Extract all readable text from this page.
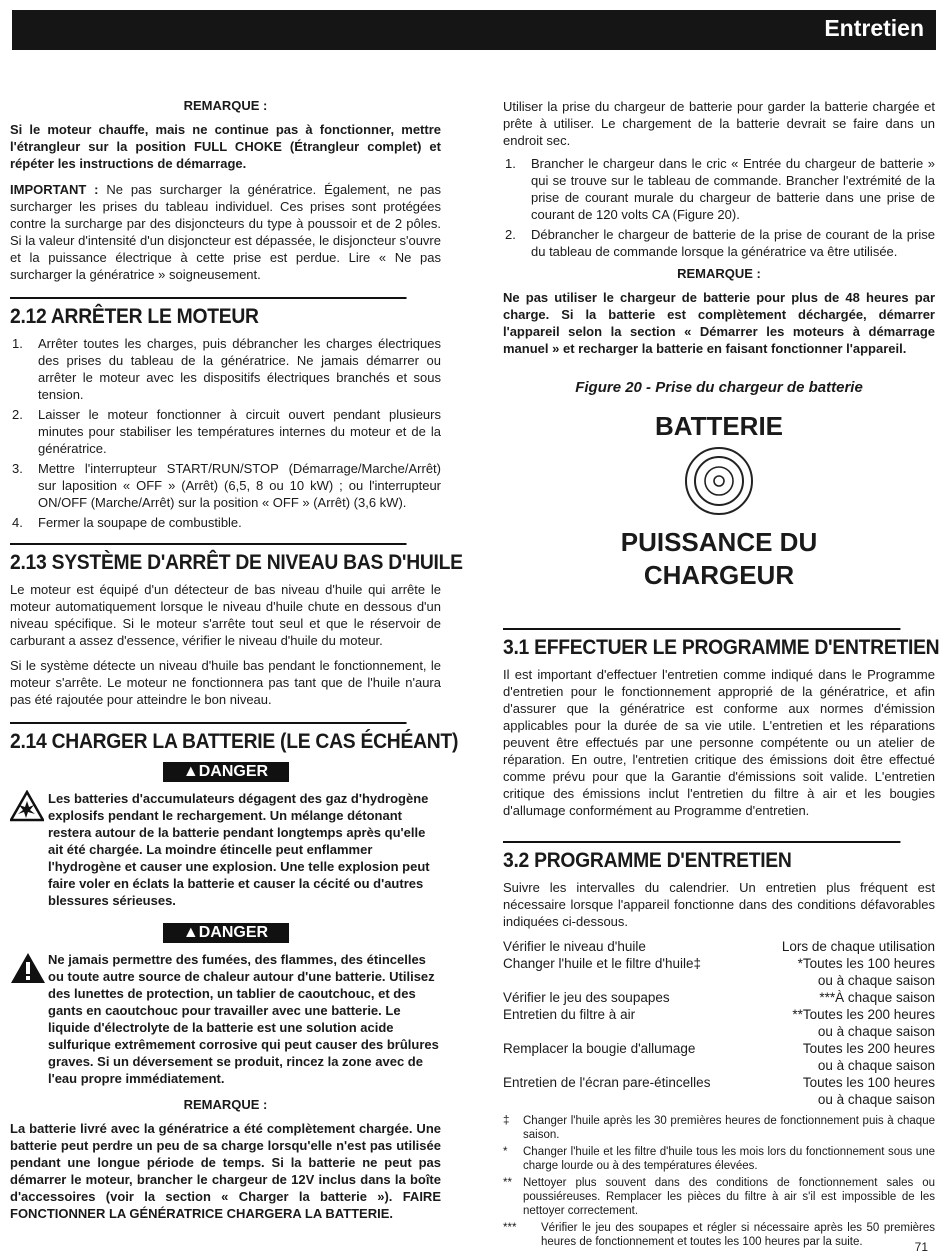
Entretien
REMARQUE :

Si le moteur chauffe, mais ne continue pas à fonctionner, mettre l'étrangleur sur la position FULL CHOKE (Étrangleur complet) et répéter les instructions de démarrage.

IMPORTANT : Ne pas surcharger la génératrice. Également, ne pas surcharger les prises du tableau individuel. Ces prises sont protégées contre la surcharge par des disjoncteurs du type à poussoir et de 2 pôles. Si la valeur d'intensité d'un disjoncteur est dépassée, le disjoncteur s'ouvre et la puissance électrique à cette prise est perdue. Lire « Ne pas surcharger la génératrice » soigneusement.

2.12 ARRÊTER LE MOTEUR
1.	Arrêter toutes les charges, puis débrancher les charges électriques des prises du tableau de la génératrice. Ne jamais démarrer ou arrêter le moteur avec les dispositifs électriques branchés et sous tension.
2.	Laisser le moteur fonctionner à circuit ouvert pendant plusieurs minutes pour stabiliser les températures internes du moteur et de la génératrice.
3.	Mettre l'interrupteur START/RUN/STOP (Démarrage/Marche/Arrêt) sur laposition « OFF » (Arrêt) (6,5, 8 ou 10 kW) ; ou l'interrupteur ON/OFF (Marche/Arrêt) sur la position « OFF » (Arrêt) (3,6 kW).
4.	Fermer la soupape de combustible.
2.13 SYSTÈME D'ARRÊT DE NIVEAU BAS D'HUILE

Le moteur est équipé d'un détecteur de bas niveau d'huile qui arrête le moteur automatiquement lorsque le niveau d'huile chute en dessous d'un niveau spécifique. Si le moteur s'arrête tout seul et que le réservoir de carburant a assez d'essence, vérifier le niveau d'huile du moteur.

Si le système détecte un niveau d'huile bas pendant le fonctionnement, le moteur s'arrête. Le moteur ne fonctionnera pas tant que de l'huile n'aura pas été rajoutée pour atteindre le bon niveau.

2.14 CHARGER LA BATTERIE (LE CAS ÉCHÉANT)
▲DANGER

Les batteries d'accumulateurs dégagent des gaz d'hydrogène explosifs pendant le rechargement. Un mélange détonant restera autour de la batterie pendant longtemps après qu'elle ait été chargée. La moindre étincelle peut enflammer l'hydrogène et causer une explosion. Une telle explosion peut faire voler en éclats la batterie et causer la cécité ou d'autres blessures sérieuses.

▲DANGER

Ne jamais permettre des fumées, des flammes, des étincelles ou toute autre source de chaleur autour d'une batterie. Utilisez des lunettes de protection, un tablier de caoutchouc, et des gants en caoutchouc pour travailler avec une batterie. Le liquide d'électrolyte de la batterie est une solution acide sulfurique extrêmement corrosive qui peut causer des brûlures graves. Si un déversement se produit, rincez la zone avec de l'eau propre immédiatement.

REMARQUE :

La batterie livré avec la génératrice a été complètement chargée. Une batterie peut perdre un peu de sa charge lorsqu'elle n'est pas utilisée pendant une longue période de temps. Si la batterie ne peut pas démarrer le moteur, brancher le chargeur de 12V inclus dans la boîte d'accessoires (voir la section « Charger la batterie »). FAIRE FONCTIONNER LA GÉNÉRATRICE CHARGERA LA BATTERIE.

Utiliser la prise du chargeur de batterie pour garder la batterie chargée et prête à utiliser. Le chargement de la batterie devrait se faire dans un endroit sec.

1.	Brancher le chargeur dans le cric « Entrée du chargeur de batterie » qui se trouve sur le tableau de commande. Brancher l'extrémité de la prise de courant murale du chargeur de batterie dans une prise de courant de 120 volts CA (Figure 20).
2.	Débrancher le chargeur de batterie de la prise de courant de la prise du tableau de commande lorsque la génératrice va être utilisée.
REMARQUE :

Ne pas utiliser le chargeur de batterie pour plus de 48 heures par charge. Si la batterie est complètement déchargée, démarrer l'appareil selon la section « Démarrer les moteurs à démarrage manuel » et recharger la batterie en faisant fonctionner l'appareil.

Figure 20 - Prise du chargeur de batterie
BATTERIE
PUISSANCE DU
CHARGEUR
3.1 EFFECTUER LE PROGRAMME D'ENTRETIEN

Il est important d'effectuer l'entretien comme indiqué dans le Programme d'entretien pour le fonctionnement approprié de la génératrice, et afin d'assurer que la génératrice est conforme aux normes d'émission applicables pour la durée de sa vie utile. L'entretien et les réparations peuvent être effectués par une personne compétente ou un atelier de réparation. En outre, l'entretien critique des émissions doit être effectué comme prévu pour que la Garantie d'émissions soit valide. L'entretien critique des émissions inclut l'entretien du filtre à air et les bougies d'allumage conformément au Programme d'entretien.

3.2 PROGRAMME D'ENTRETIEN

Suivre les intervalles du calendrier. Un entretien plus fréquent est nécessaire lorsque l'appareil fonctionne dans des conditions défavorables indiquées ci-dessous.

Vérifier le niveau d'huile	Lors de chaque utilisation
Changer l'huile et le filtre d'huile‡	*Toutes les 100 heures
ou à chaque saison
Vérifier le jeu des soupapes	***À chaque saison
Entretien du filtre à air	**Toutes les 200 heures
ou à chaque saison
Remplacer la bougie d'allumage	Toutes les 200 heures
ou à chaque saison
Entretien de l'écran pare-étincelles	Toutes les 100 heures
ou à chaque saison
‡	Changer l'huile après les 30 premières heures de fonctionnement puis à chaque saison.
*	Changer l'huile et les filtre d'huile tous les mois lors du fonctionnement sous une charge lourde ou à des températures élevées.
** Nettoyer plus souvent dans des conditions de fonctionnement sales ou poussiéreuses. Remplacer les pièces du filtre à air s'il est impossible de les nettoyer correctement.
***	Vérifier le jeu des soupapes et régler si nécessaire après les 50 premières heures de fonctionnement et toutes les 100 heures par la suite.	71
